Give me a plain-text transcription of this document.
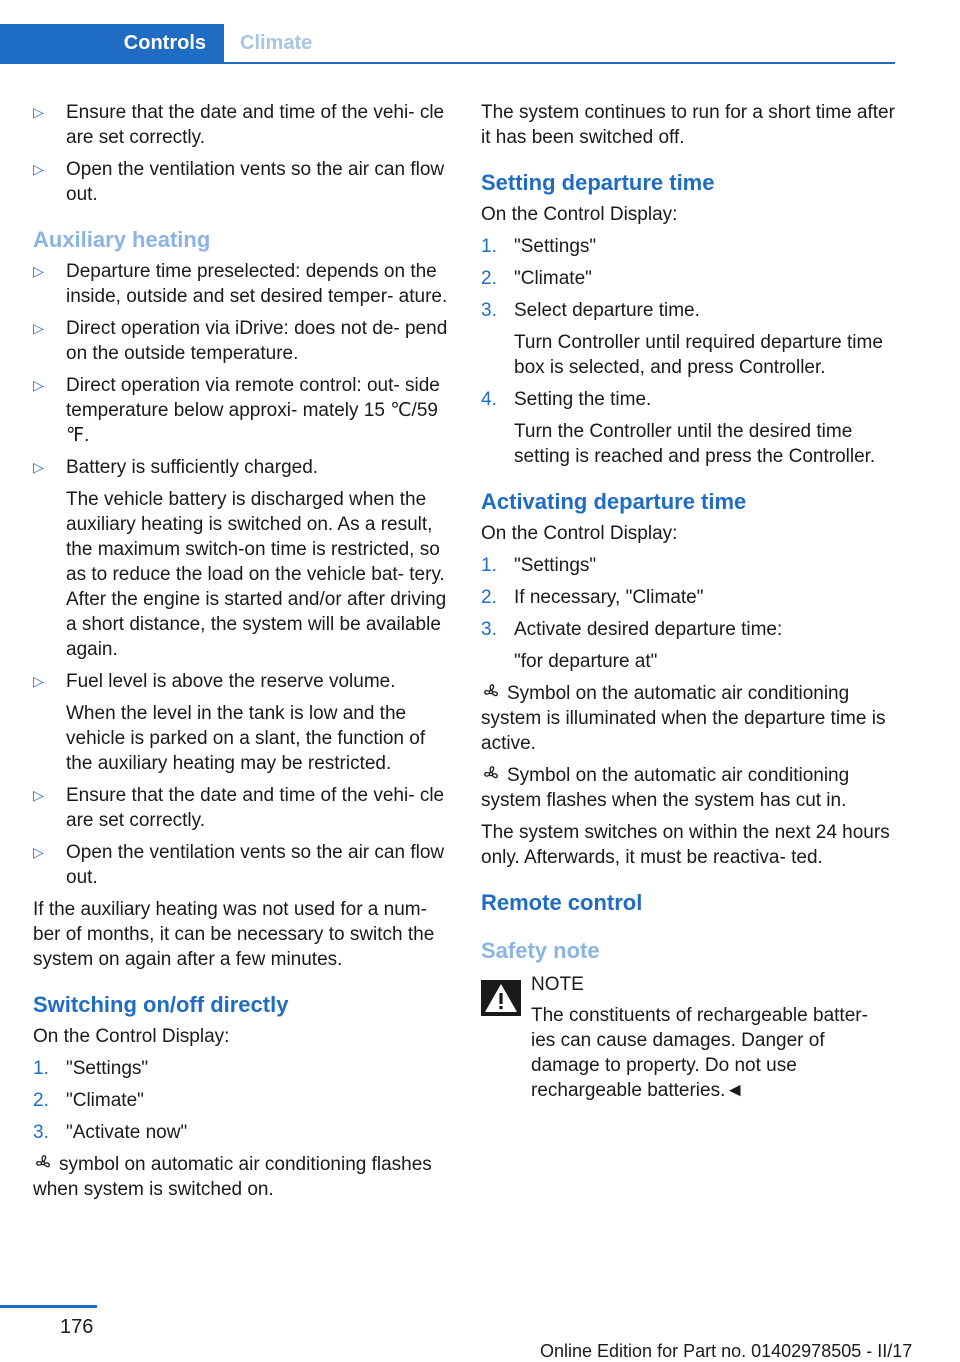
Controls	Climate
▷ Ensure that the date and time of the vehi‐ cle are set correctly.

▷ Open the ventilation vents so the air can flow out.

Auxiliary heating
▷ Departure time preselected: depends on the inside, outside and set desired temper‐ ature.

▷ Direct operation via iDrive: does not de‐ pend on the outside temperature.

▷ Direct operation via remote control: out‐ side temperature below approxi‐ mately 15 ℃/59 ℉.

▷ Battery is sufficiently charged.

The vehicle battery is discharged when the auxiliary heating is switched on. As a result, the maximum switch-on time is restricted, so as to reduce the load on the vehicle bat‐ tery. After the engine is started and/or after driving a short distance, the system will be available again.

▷ Fuel level is above the reserve volume.

When the level in the tank is low and the vehicle is parked on a slant, the function of the auxiliary heating may be restricted.

▷ Ensure that the date and time of the vehi‐ cle are set correctly.

▷ Open the ventilation vents so the air can flow out.

If the auxiliary heating was not used for a num‐ ber of months, it can be necessary to switch the system on again after a few minutes.

Switching on/off directly

On the Control Display:

1. "Settings"

2. "Climate"

3. "Activate now"

symbol on automatic air conditioning flashes when system is switched on.

The system continues to run for a short time after it has been switched off.

Setting departure time

On the Control Display:

1. "Settings"

2. "Climate"

3. Select departure time.

Turn Controller until required departure time box is selected, and press Controller.

4. Setting the time.

Turn the Controller until the desired time setting is reached and press the Controller.

Activating departure time

On the Control Display:

1. "Settings"

2. If necessary, "Climate"

3. Activate desired departure time:

"for departure at"

Symbol on the automatic air conditioning system is illuminated when the departure time is active.

Symbol on the automatic air conditioning system flashes when the system has cut in.

The system switches on within the next 24 hours only. Afterwards, it must be reactiva‐ ted.

Remote control
Safety note

NOTE

The constituents of rechargeable batter‐

ies can cause damages. Danger of damage to property. Do not use rechargeable batteries.◄

176
Online Edition for Part no. 01402978505 - II/17
